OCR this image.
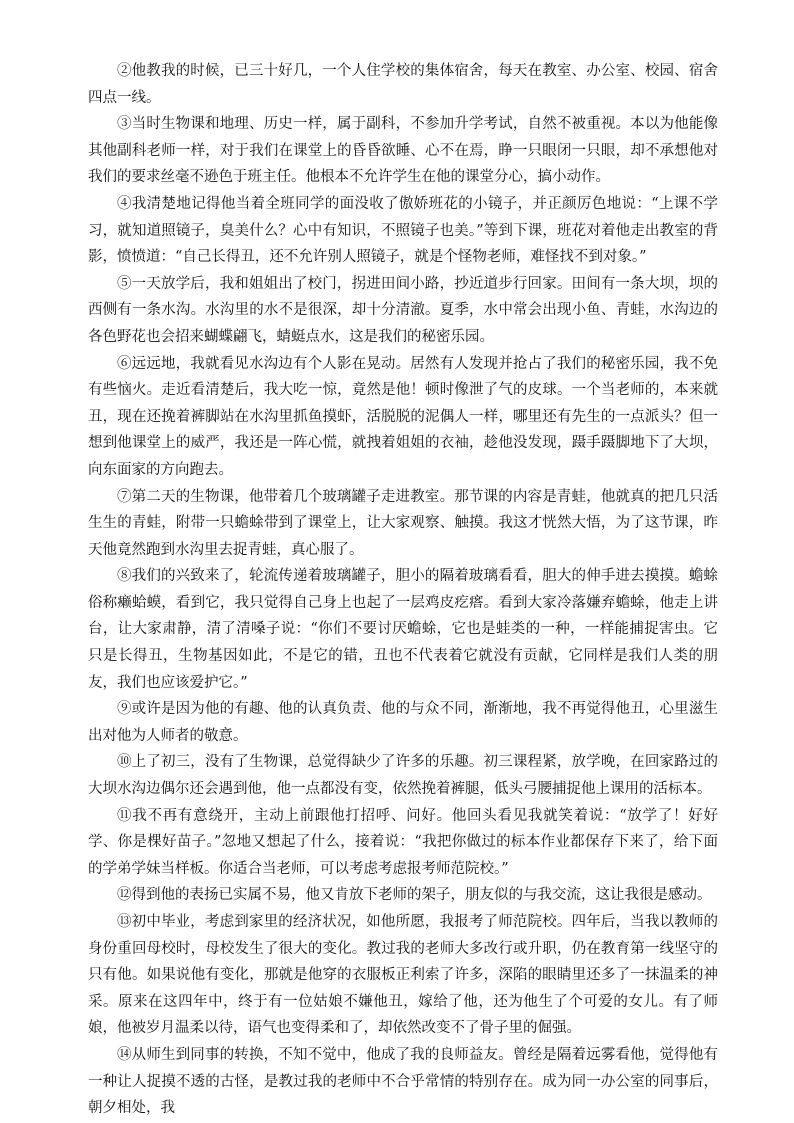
②他教我的时候，已三十好几，一个人住学校的集体宿舍，每天在教室、办公室、校园、宿舍四点一线。

③当时生物课和地理、历史一样，属于副科，不参加升学考试，自然不被重视。本以为他能像其他副科老师一样，对于我们在课堂上的昏昏欲睡、心不在焉，睁一只眼闭一只眼，却不承想他对我们的要求丝毫不逊色于班主任。他根本不允许学生在他的课堂分心，搞小动作。

④我清楚地记得他当着全班同学的面没收了傲娇班花的小镜子，并正颜厉色地说：“上课不学习，就知道照镜子，臭美什么？心中有知识，不照镜子也美。”等到下课，班花对着他走出教室的背影，愤愤道：“自己长得丑，还不允许别人照镜子，就是个怪物老师，难怪找不到对象。”

⑤一天放学后，我和姐姐出了校门，拐进田间小路，抄近道步行回家。田间有一条大坝，坝的西侧有一条水沟。水沟里的水不是很深，却十分清澈。夏季，水中常会出现小鱼、青蛙，水沟边的各色野花也会招来蝴蝶翩飞，蜻蜓点水，这是我们的秘密乐园。

⑥远远地，我就看见水沟边有个人影在晃动。居然有人发现并抢占了我们的秘密乐园，我不免有些恼火。走近看清楚后，我大吃一惊，竟然是他！顿时像泄了气的皮球。一个当老师的，本来就丑，现在还挽着裤脚站在水沟里抓鱼摸虾，活脱脱的泥偶人一样，哪里还有先生的一点派头？但一想到他课堂上的威严，我还是一阵心慌，就拽着姐姐的衣袖，趁他没发现，蹑手蹑脚地下了大坝，向东面家的方向跑去。

⑦第二天的生物课，他带着几个玻璃罐子走进教室。那节课的内容是青蛙，他就真的把几只活生生的青蛙，附带一只蟾蜍带到了课堂上，让大家观察、触摸。我这才恍然大悟，为了这节课，昨天他竟然跑到水沟里去捉青蛙，真心服了。

⑧我们的兴致来了，轮流传递着玻璃罐子，胆小的隔着玻璃看看，胆大的伸手进去摸摸。蟾蜍俗称癞蛤蟆，看到它，我只觉得自己身上也起了一层鸡皮疙瘩。看到大家冷落嫌弃蟾蜍，他走上讲台，让大家肃静，清了清嗓子说：“你们不要讨厌蟾蜍，它也是蛙类的一种，一样能捕捉害虫。它只是长得丑，生物基因如此，不是它的错，丑也不代表着它就没有贡献，它同样是我们人类的朋友，我们也应该爱护它。”

⑨或许是因为他的有趣、他的认真负责、他的与众不同，渐渐地，我不再觉得他丑，心里滋生出对他为人师者的敬意。

⑩上了初三，没有了生物课，总觉得缺少了许多的乐趣。初三课程紧，放学晚，在回家路过的大坝水沟边偶尔还会遇到他，他一点都没有变，依然挽着裤腿，低头弓腰捕捉他上课用的活标本。

⑪我不再有意绕开，主动上前跟他打招呼、问好。他回头看见我就笑着说：“放学了！好好学、你是棵好苗子。”忽地又想起了什么，接着说：“我把你做过的标本作业都保存下来了，给下面的学弟学妹当样板。你适合当老师，可以考虑考虑报考师范院校。”

⑫得到他的表扬已实属不易，他又肯放下老师的架子，朋友似的与我交流，这让我很是感动。

⑬初中毕业，考虑到家里的经济状况，如他所愿，我报考了师范院校。四年后，当我以教师的身份重回母校时，母校发生了很大的变化。教过我的老师大多改行或升职，仍在教育第一线坚守的只有他。如果说他有变化，那就是他穿的衣服板正利索了许多，深陷的眼睛里还多了一抹温柔的神采。原来在这四年中，终于有一位姑娘不嫌他丑，嫁给了他，还为他生了个可爱的女儿。有了师娘，他被岁月温柔以待，语气也变得柔和了，却依然改变不了骨子里的倔强。

⑭从师生到同事的转换，不知不觉中，他成了我的良师益友。曾经是隔着远雾看他，觉得他有一种让人捉摸不透的古怪，是教过我的老师中不合乎常情的特别存在。成为同一办公室的同事后，朝夕相处，我
